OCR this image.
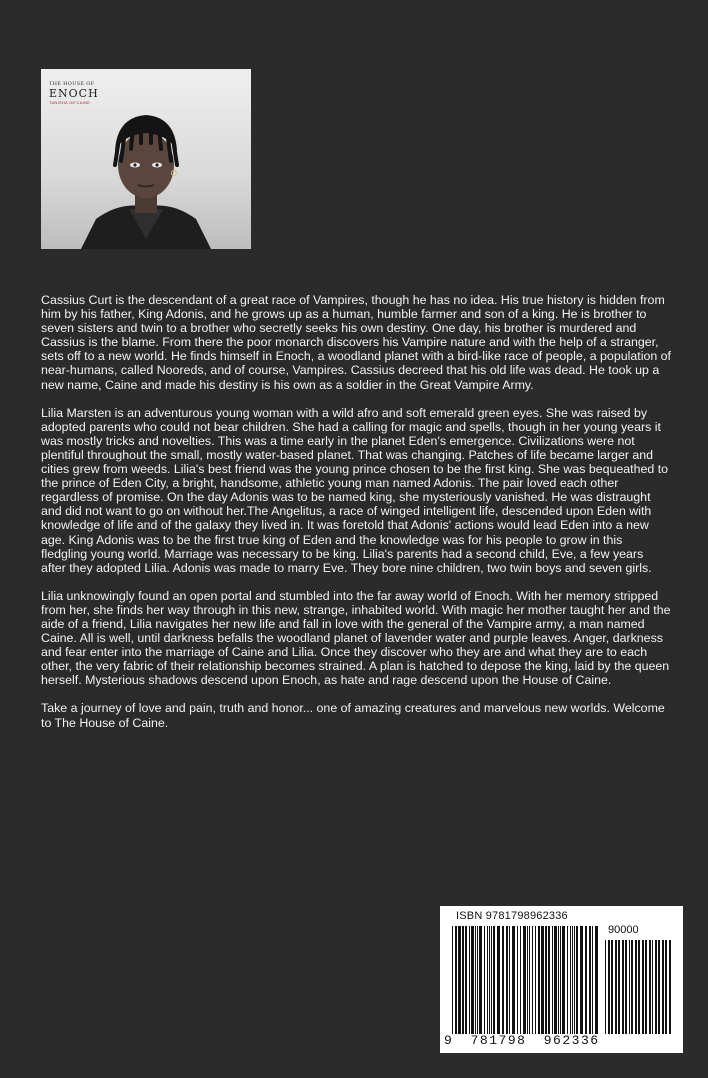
THE HOUSE OF
ENOCH
TANISHA DE'CAINE

Cassius Curt is the descendant of a great race of Vampires, though he has no idea. His true history is hidden from him by his father, King Adonis, and he grows up as a human, humble farmer and son of a king. He is brother to seven sisters and twin to a brother who secretly seeks his own destiny. One day, his brother is murdered and Cassius is the blame. From there the poor monarch discovers his Vampire nature and with the help of a stranger, sets off to a new world. He finds himself in Enoch, a woodland planet with a bird-like race of people, a population of near-humans, called Nooreds, and of course, Vampires. Cassius decreed that his old life was dead. He took up a new name, Caine and made his destiny is his own as a soldier in the Great Vampire Army.

Lilia Marsten is an adventurous young woman with a wild afro and soft emerald green eyes. She was raised by adopted parents who could not bear children. She had a calling for magic and spells, though in her young years it was mostly tricks and novelties. This was a time early in the planet Eden's emergence. Civilizations were not plentiful throughout the small, mostly water-based planet. That was changing. Patches of life became larger and cities grew from weeds. Lilia's best friend was the young prince chosen to be the first king. She was bequeathed to the prince of Eden City, a bright, handsome, athletic young man named Adonis. The pair loved each other regardless of promise. On the day Adonis was to be named king, she mysteriously vanished. He was distraught and did not want to go on without her.The Angelitus, a race of winged intelligent life, descended upon Eden with knowledge of life and of the galaxy they lived in. It was foretold that Adonis' actions would lead Eden into a new age. King Adonis was to be the first true king of Eden and the knowledge was for his people to grow in this fledgling young world. Marriage was necessary to be king. Lilia's parents had a second child, Eve, a few years after they adopted Lilia. Adonis was made to marry Eve. They bore nine children, two twin boys and seven girls.

Lilia unknowingly found an open portal and stumbled into the far away world of Enoch. With her memory stripped from her, she finds her way through in this new, strange, inhabited world. With magic her mother taught her and the aide of a friend, Lilia navigates her new life and fall in love with the general of the Vampire army, a man named Caine. All is well, until darkness befalls the woodland planet of lavender water and purple leaves. Anger, darkness and fear enter into the marriage of Caine and Lilia. Once they discover who they are and what they are to each other, the very fabric of their relationship becomes strained. A plan is hatched to depose the king, laid by the queen herself. Mysterious shadows descend upon Enoch, as hate and rage descend upon the House of Caine.

Take a journey of love and pain, truth and honor... one of amazing creatures and marvelous new worlds. Welcome to The House of Caine.

ISBN 9781798962336
90000
9 781798 962336
